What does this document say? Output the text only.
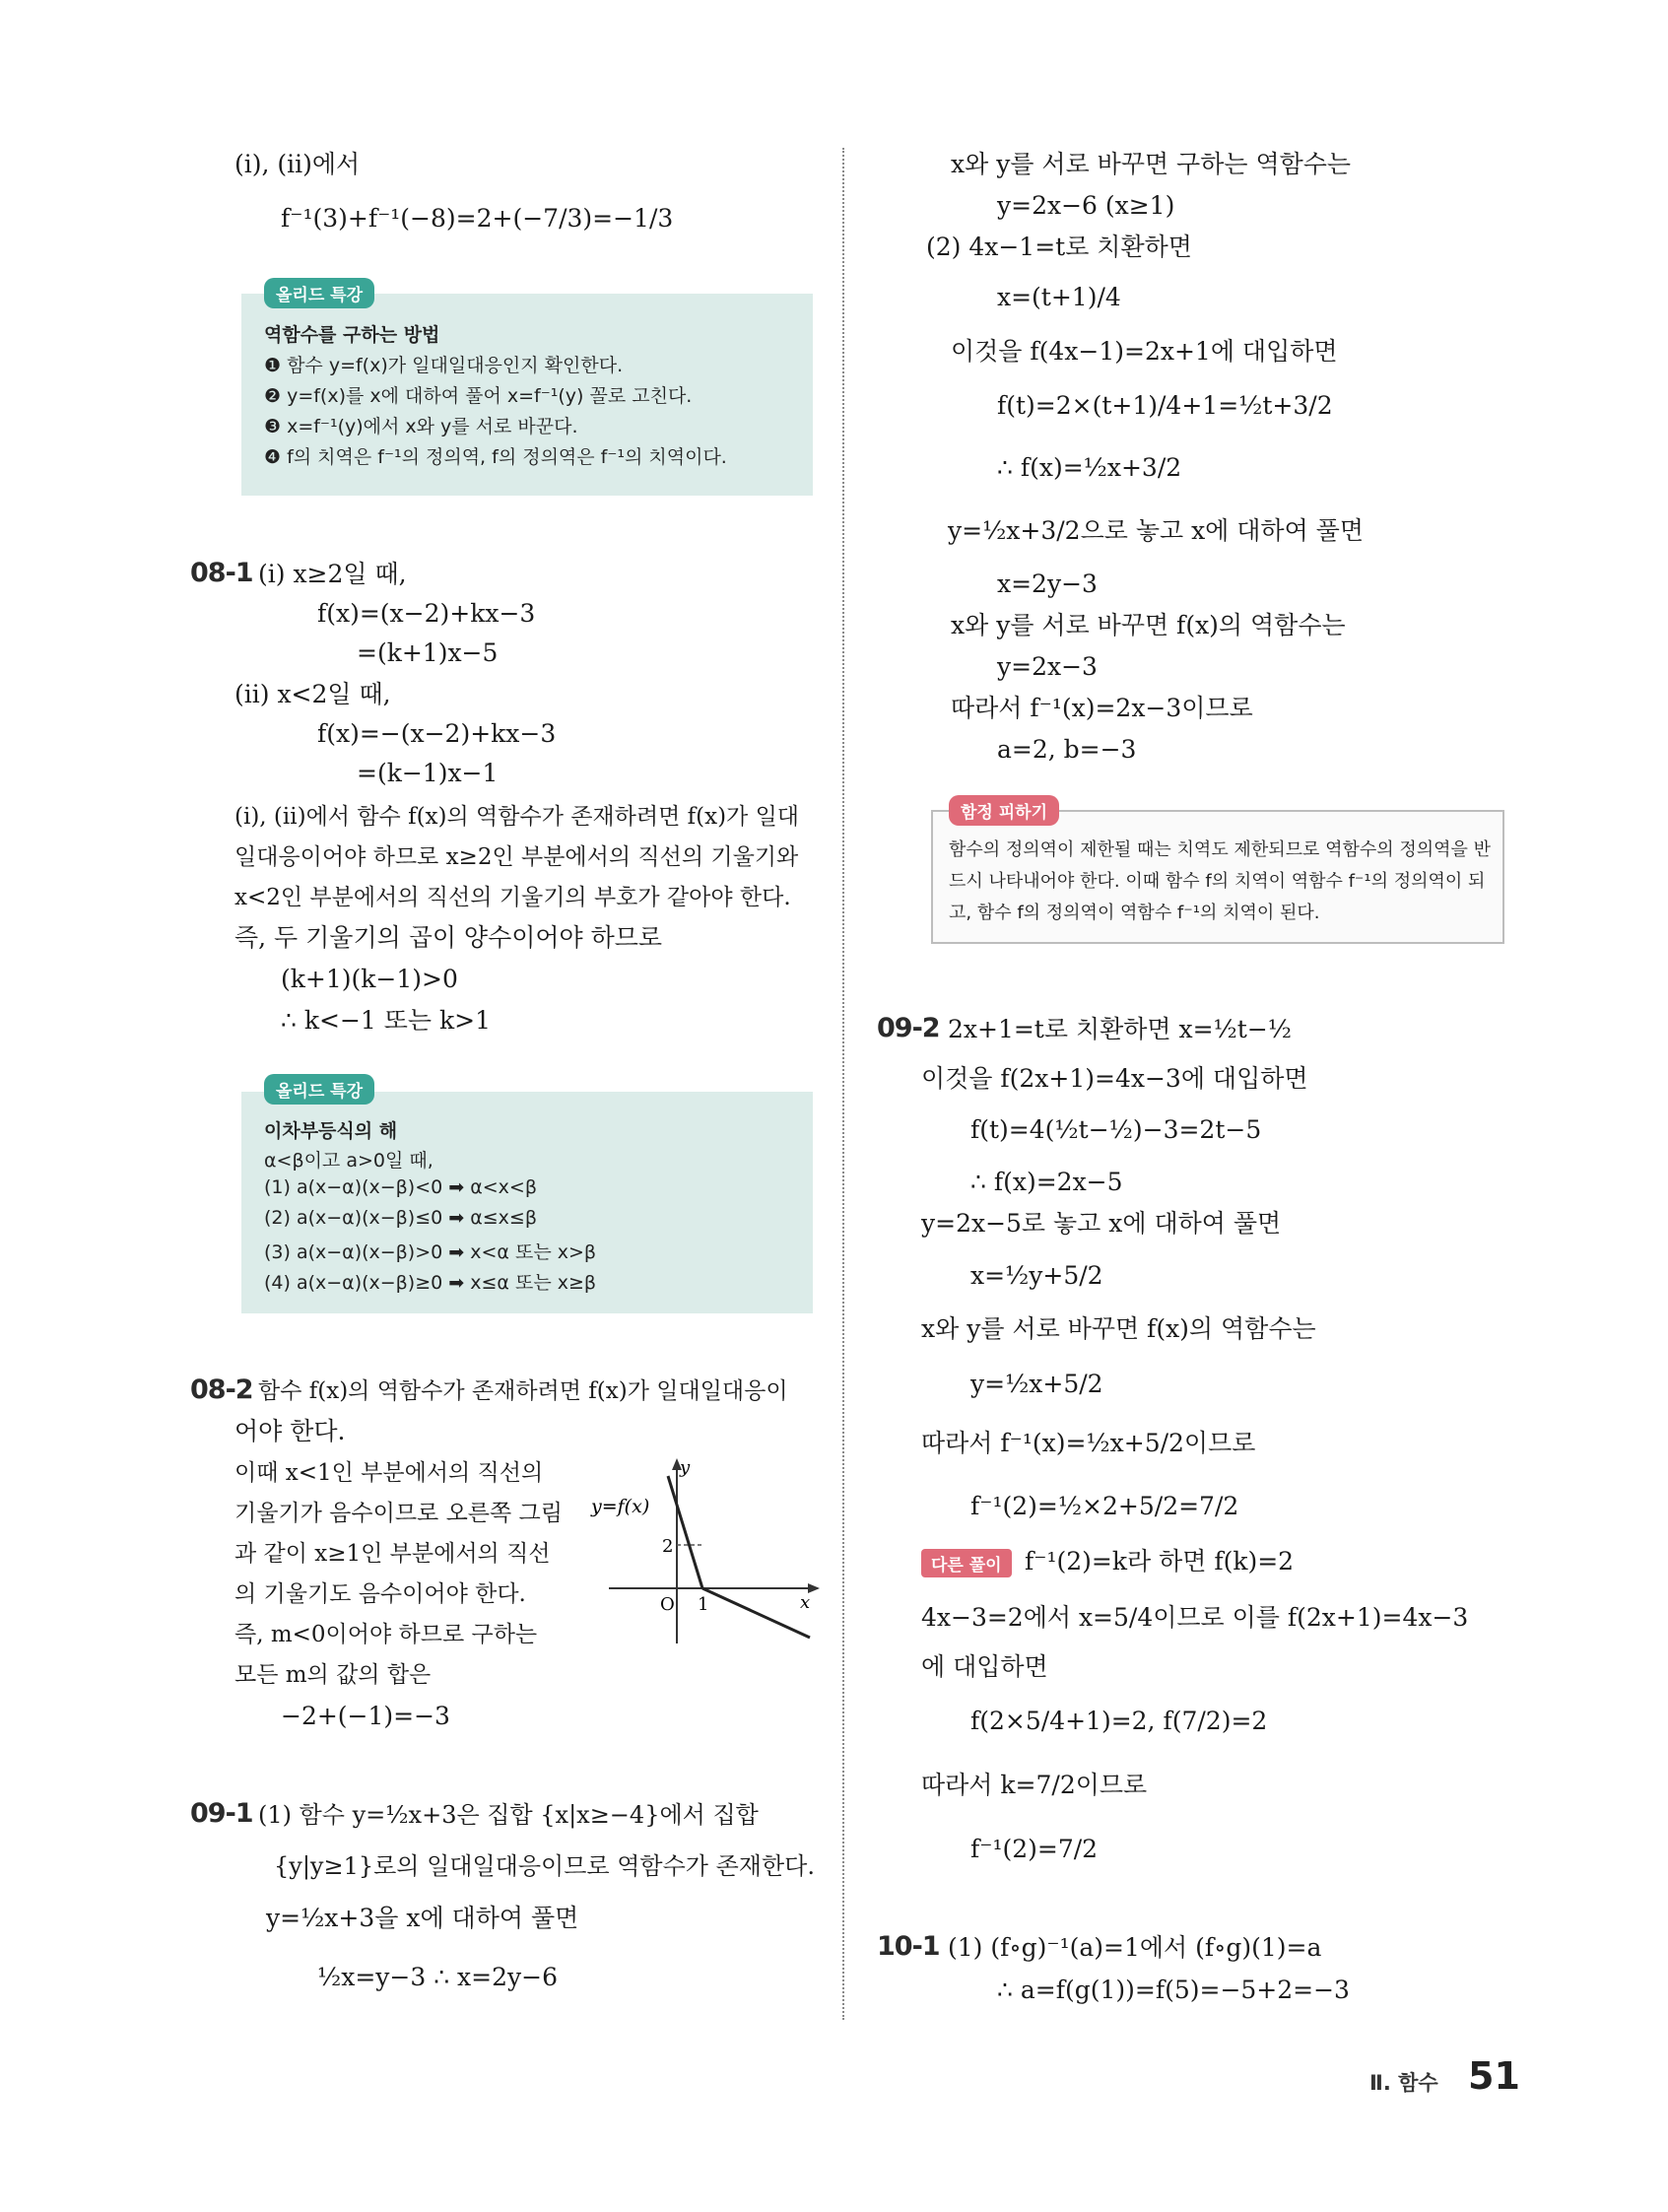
(ⅰ), (ⅱ)에서
f⁻¹(3)+f⁻¹(−8)=2+(−7/3)=−1/3
올리드 특강
역함수를 구하는 방법
❶ 함수 y=f(x)가 일대일대응인지 확인한다.
❷ y=f(x)를 x에 대하여 풀어 x=f⁻¹(y) 꼴로 고친다.
❸ x=f⁻¹(y)에서 x와 y를 서로 바꾼다.
❹ f의 치역은 f⁻¹의 정의역, f의 정의역은 f⁻¹의 치역이다.
08-1 (ⅰ) x≥2일 때,
f(x)=(x−2)+kx−3
=(k+1)x−5
(ⅱ) x<2일 때,
f(x)=−(x−2)+kx−3
=(k−1)x−1
(ⅰ), (ⅱ)에서 함수 f(x)의 역함수가 존재하려면 f(x)가 일대
일대응이어야 하므로 x≥2인 부분에서의 직선의 기울기와
x<2인 부분에서의 직선의 기울기의 부호가 같아야 한다.
즉, 두 기울기의 곱이 양수이어야 하므로
(k+1)(k−1)>0
∴ k<−1 또는 k>1
올리드 특강
이차부등식의 해
α<β이고 a>0일 때,
(1) a(x−α)(x−β)<0 ➡ α<x<β
(2) a(x−α)(x−β)≤0 ➡ α≤x≤β
(3) a(x−α)(x−β)>0 ➡ x<α 또는 x>β
(4) a(x−α)(x−β)≥0 ➡ x≤α 또는 x≥β
08-2 함수 f(x)의 역함수가 존재하려면 f(x)가 일대일대응이
어야 한다.
이때 x<1인 부분에서의 직선의
기울기가 음수이므로 오른쪽 그림
과 같이 x≥1인 부분에서의 직선
의 기울기도 음수이어야 한다.
즉, m<0이어야 하므로 구하는
모든 m의 값의 합은
−2+(−1)=−3
y=f(x)
y
x
O
2
1
09-1 (1) 함수 y=½x+3은 집합 {x|x≥−4}에서 집합
{y|y≥1}로의 일대일대응이므로 역함수가 존재한다.
y=½x+3을 x에 대하여 풀면
½x=y−3 ∴ x=2y−6
x와 y를 서로 바꾸면 구하는 역함수는
y=2x−6 (x≥1)
(2) 4x−1=t로 치환하면
x=(t+1)/4
이것을 f(4x−1)=2x+1에 대입하면
f(t)=2×(t+1)/4+1=½t+3/2
∴ f(x)=½x+3/2
y=½x+3/2으로 놓고 x에 대하여 풀면
x=2y−3
x와 y를 서로 바꾸면 f(x)의 역함수는
y=2x−3
따라서 f⁻¹(x)=2x−3이므로
a=2, b=−3
함정 피하기
함수의 정의역이 제한될 때는 치역도 제한되므로 역함수의 정의역을 반
드시 나타내어야 한다. 이때 함수 f의 치역이 역함수 f⁻¹의 정의역이 되
고, 함수 f의 정의역이 역함수 f⁻¹의 치역이 된다.
09-2 2x+1=t로 치환하면 x=½t−½
이것을 f(2x+1)=4x−3에 대입하면
f(t)=4(½t−½)−3=2t−5
∴ f(x)=2x−5
y=2x−5로 놓고 x에 대하여 풀면
x=½y+5/2
x와 y를 서로 바꾸면 f(x)의 역함수는
y=½x+5/2
따라서 f⁻¹(x)=½x+5/2이므로
f⁻¹(2)=½×2+5/2=7/2
다른 풀이 f⁻¹(2)=k라 하면 f(k)=2
4x−3=2에서 x=5/4이므로 이를 f(2x+1)=4x−3
에 대입하면
f(2×5/4+1)=2, f(7/2)=2
따라서 k=7/2이므로
f⁻¹(2)=7/2
10-1 (1) (f∘g)⁻¹(a)=1에서 (f∘g)(1)=a
∴ a=f(g(1))=f(5)=−5+2=−3
Ⅱ. 함수 51
